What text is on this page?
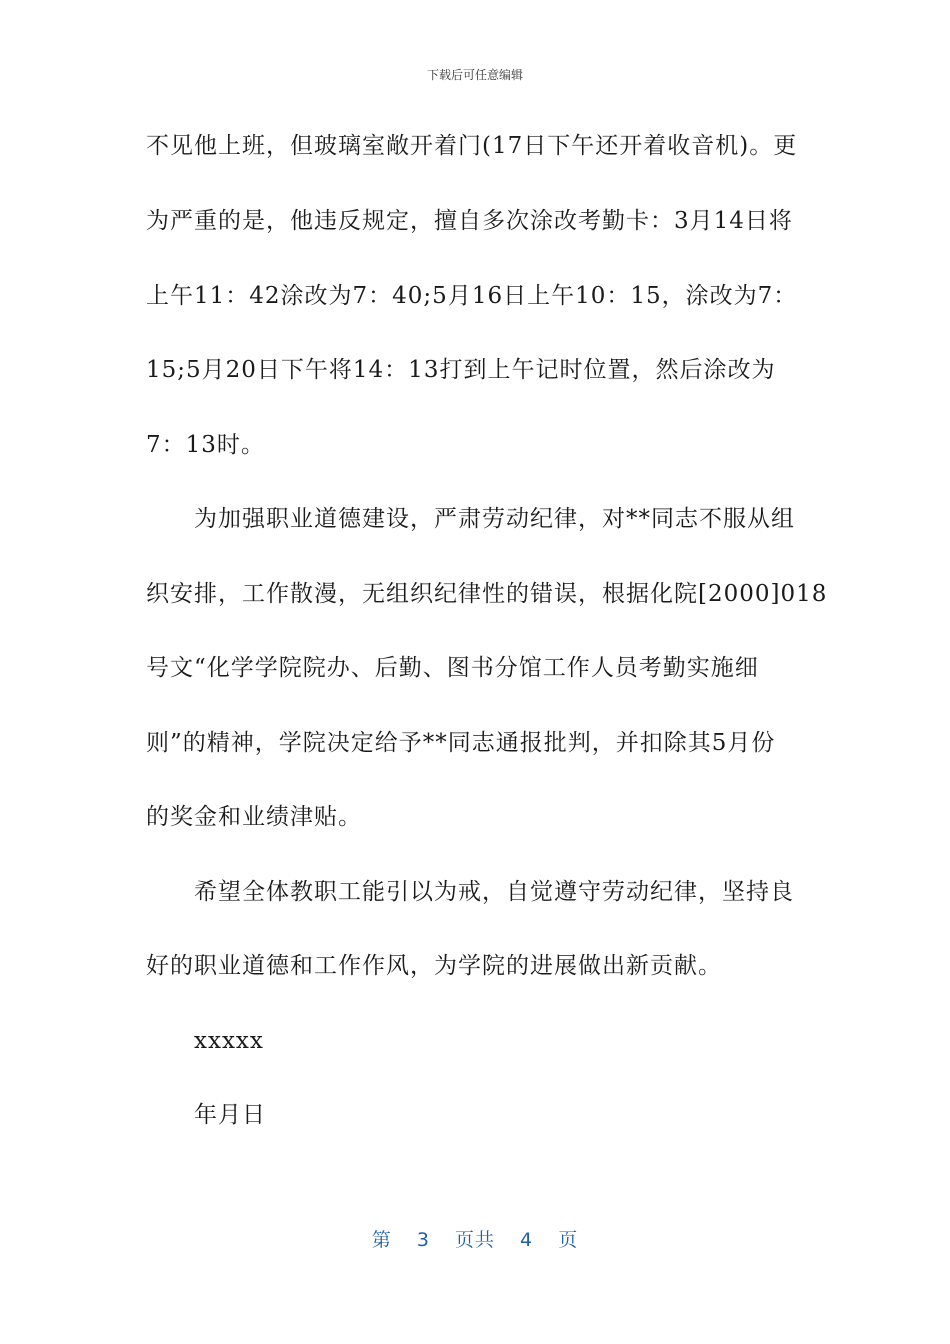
下载后可任意编辑
不见他上班，但玻璃室敞开着门(17日下午还开着收音机)。更
为严重的是，他违反规定，擅自多次涂改考勤卡：3月14日将
上午11：42涂改为7：40;5月16日上午10：15，涂改为7：
15;5月20日下午将14：13打到上午记时位置，然后涂改为
7：13时。
为加强职业道德建设，严肃劳动纪律，对**同志不服从组
织安排，工作散漫，无组织纪律性的错误，根据化院[2000]018
号文“化学学院院办、后勤、图书分馆工作人员考勤实施细
则”的精神，学院决定给予**同志通报批判，并扣除其5月份
的奖金和业绩津贴。
希望全体教职工能引以为戒，自觉遵守劳动纪律，坚持良
好的职业道德和工作作风，为学院的进展做出新贡献。
xxxxx
年月日
第 3 页共 4 页
